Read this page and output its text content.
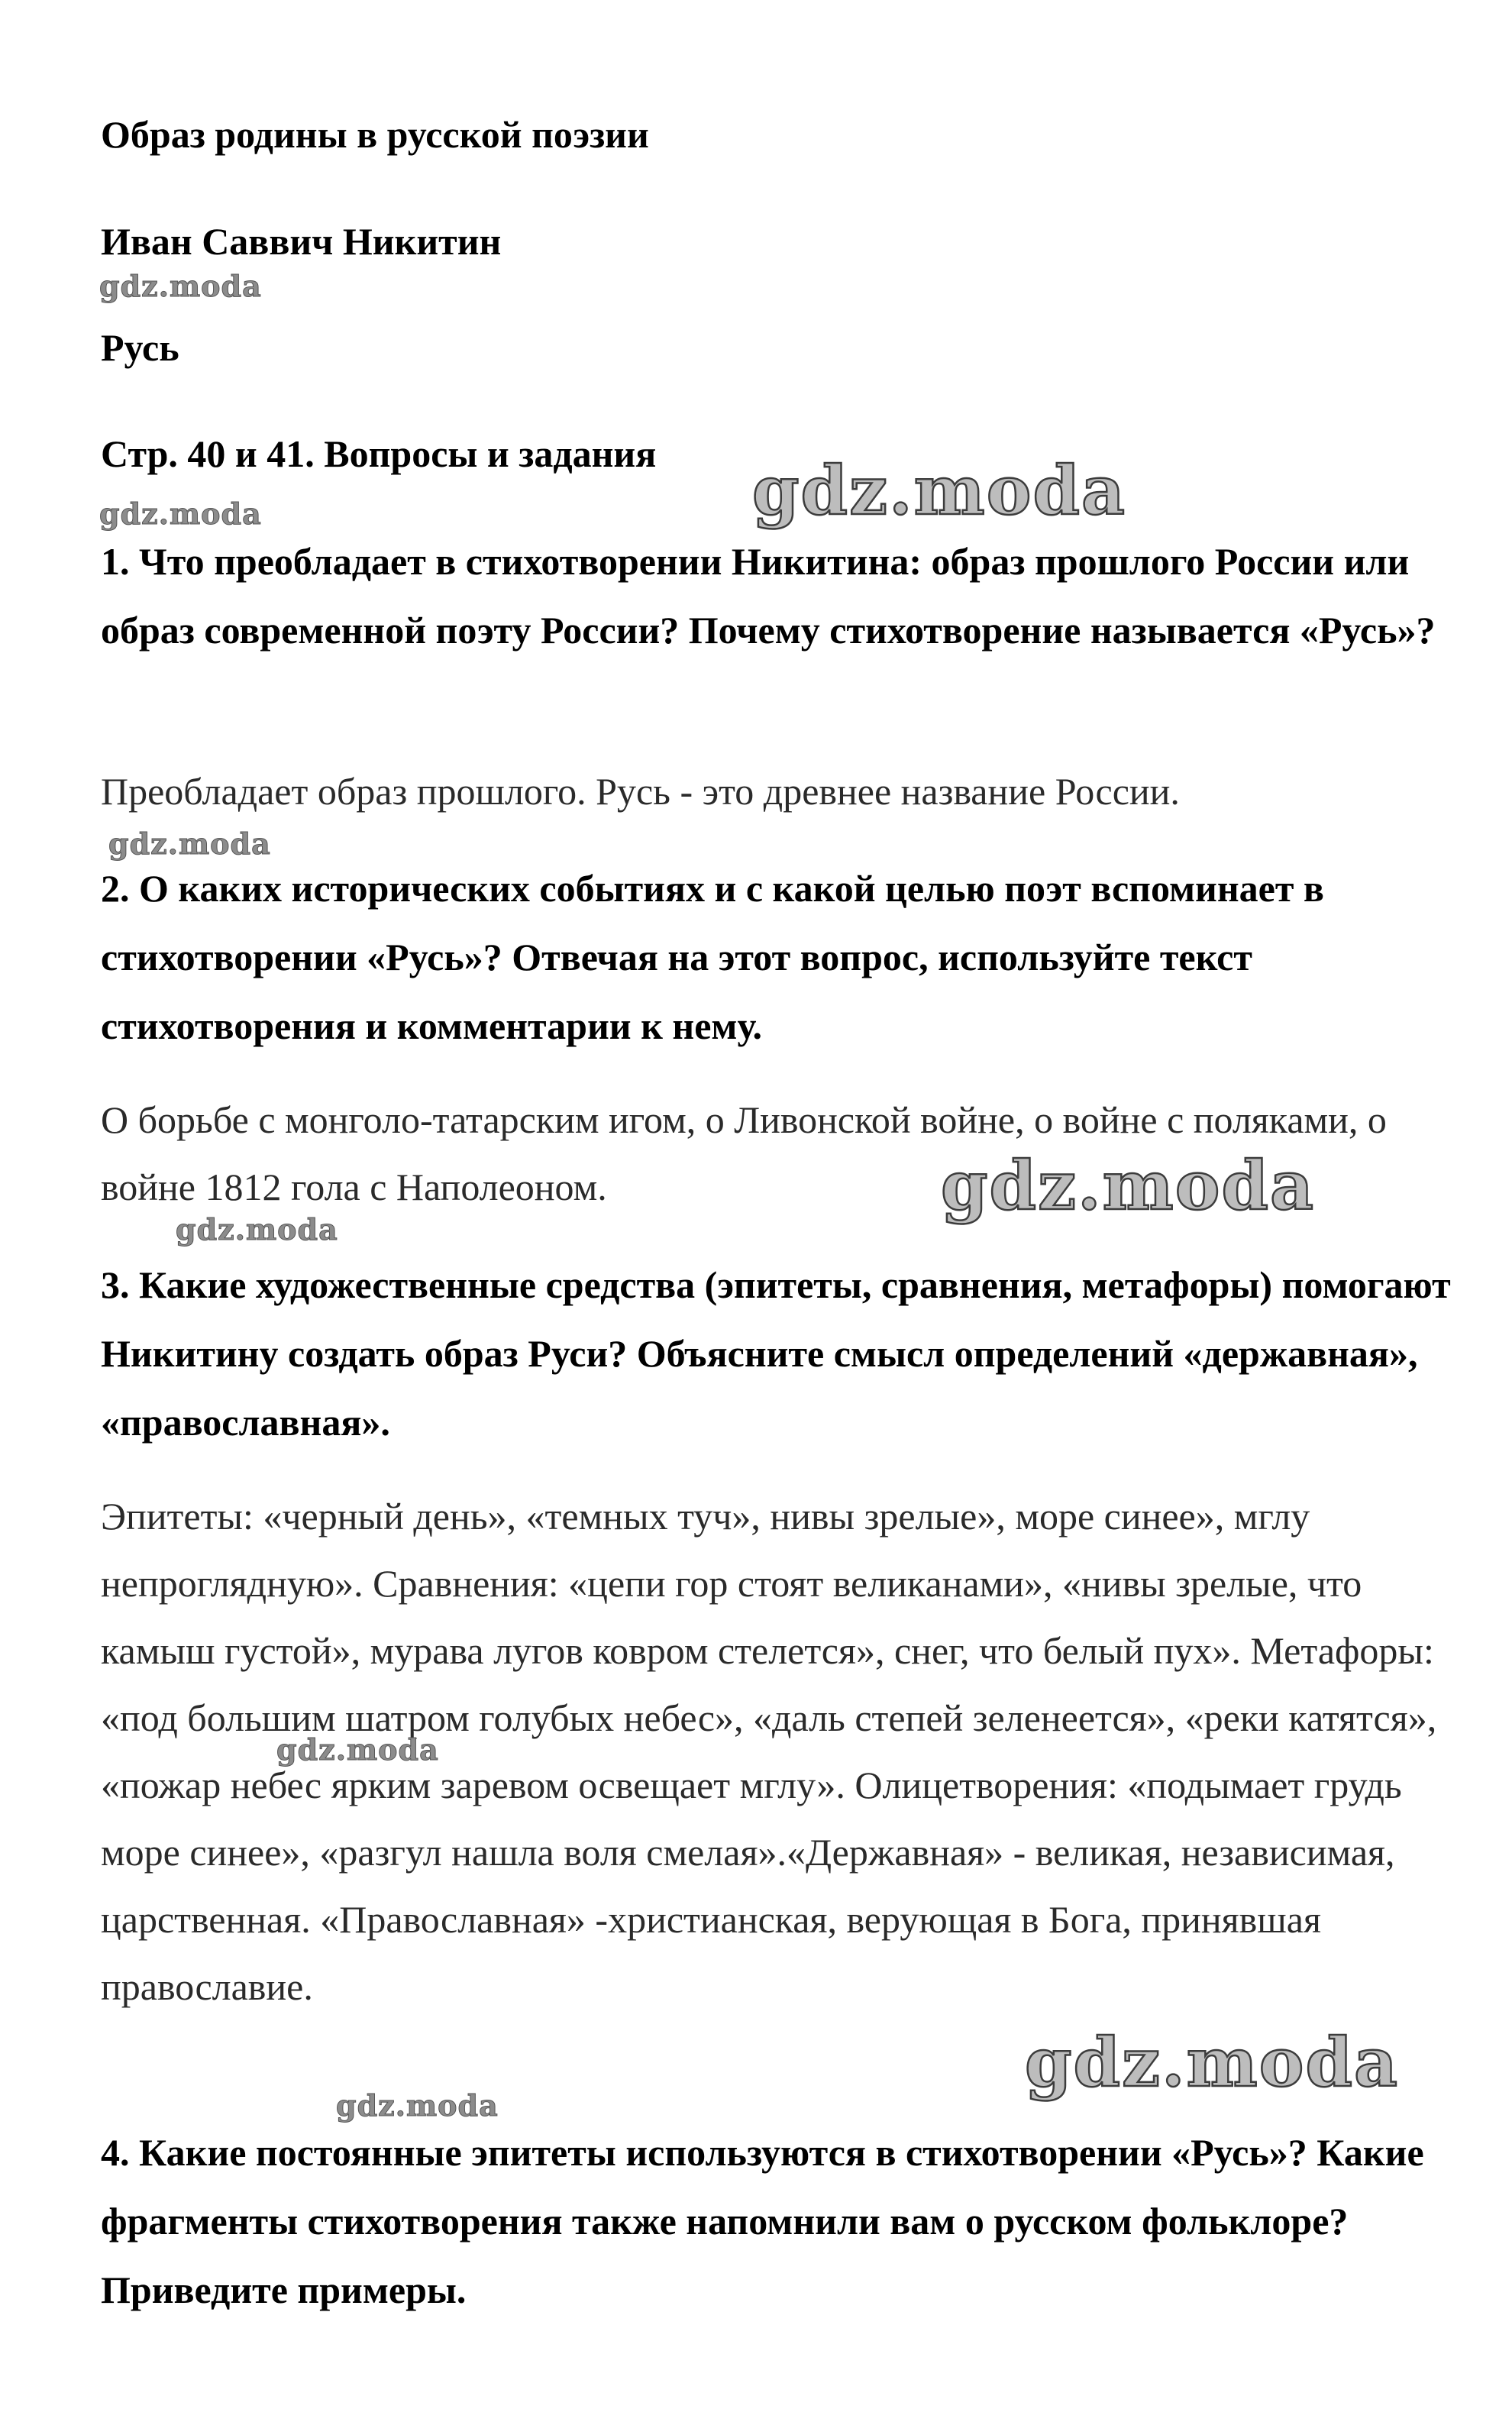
Образ родины в русской поэзии
Иван Саввич Никитин
Русь
Стр. 40 и 41. Вопросы и задания

1. Что преобладает в стихотворении Никитина: образ прошлого России или образ современной поэту России? Почему стихотворение называется «Русь»?

Преобладает образ прошлого. Русь - это древнее название России.

2. О каких исторических событиях и с какой целью поэт вспоминает в стихотворении «Русь»? Отвечая на этот вопрос, используйте текст стихотворения и комментарии к нему.

О борьбе с монголо-татарским игом, о Ливонской войне, о войне с поляками, о войне 1812 гола с Наполеоном.

3. Какие художественные средства (эпитеты, сравнения, метафоры) помогают Никитину создать образ Руси? Объясните смысл определений «державная», «православная».

Эпитеты: «черный день», «темных туч», нивы зрелые», море синее», мглу непроглядную». Сравнения: «цепи гор стоят великанами», «нивы зрелые, что камыш густой», мурава лугов ковром стелется», снег, что белый пух». Метафоры: «под большим шатром голубых небес», «даль степей зеленеется», «реки катятся», «пожар небес ярким заревом освещает мглу». Олицетворения: «подымает грудь море синее», «разгул нашла воля смелая».«Державная» - великая, независимая, царственная. «Православная» -христианская, верующая в Бога, принявшая православие.

4. Какие постоянные эпитеты используются в стихотворении «Русь»? Какие фрагменты стихотворения также напомнили вам о русском фольклоре? Приведите примеры.

gdz.moda
gdz.moda	gdz.moda
gdz.moda
gdz.moda
gdz.moda
gdz.moda
gdz.moda
gdz.moda
